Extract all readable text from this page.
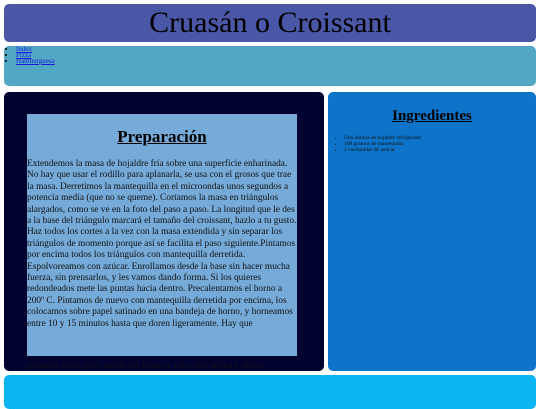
Cruasán o Croissant
• Index
• Pizza
• Hamburguesa
Preparación

Extendemos la masa de hojaldre fría sobre una superficie enharinada. No hay que usar el rodillo para aplanarla, se usa con el grosos que trae la masa. Derretimos la mantequilla en el microondas unos segundos a potencia media (que no se queme). Cortamos la masa en triángulos alargados, como se ve en la foto del paso a paso. La longitud que le des a la base del triángulo marcará el tamaño del croissant, hazlo a tu gusto. Haz todos los cortes a la vez con la masa extendida y sin separar los triángulos de momento porque así se facilita el paso siguiente.Pintamos por encima todos los triángulos con mantequilla derretida. Espolvoreamos con azúcar. Enrollamos desde la base sin hacer mucha fuerza, sin prensarlos, y les vamos dando forma. Si los quieres redondeados mete las puntas hacia dentro. Precalentamos el horno a 200º C. Pintamos de nuevo con mantequilla derretida por encima, los colocamos sobre papel satinado en una bandeja de horno, y horneamos entre 10 y 15 minutos hasta que doren ligeramente. Hay que

ponerlos en la parte media del horno y con calor arriba y abajo.
Ingredientes
• Una lámina de hojaldre refrigerado
• 100 gramos de mantequilla
• 2 cucharadas de azúcar
